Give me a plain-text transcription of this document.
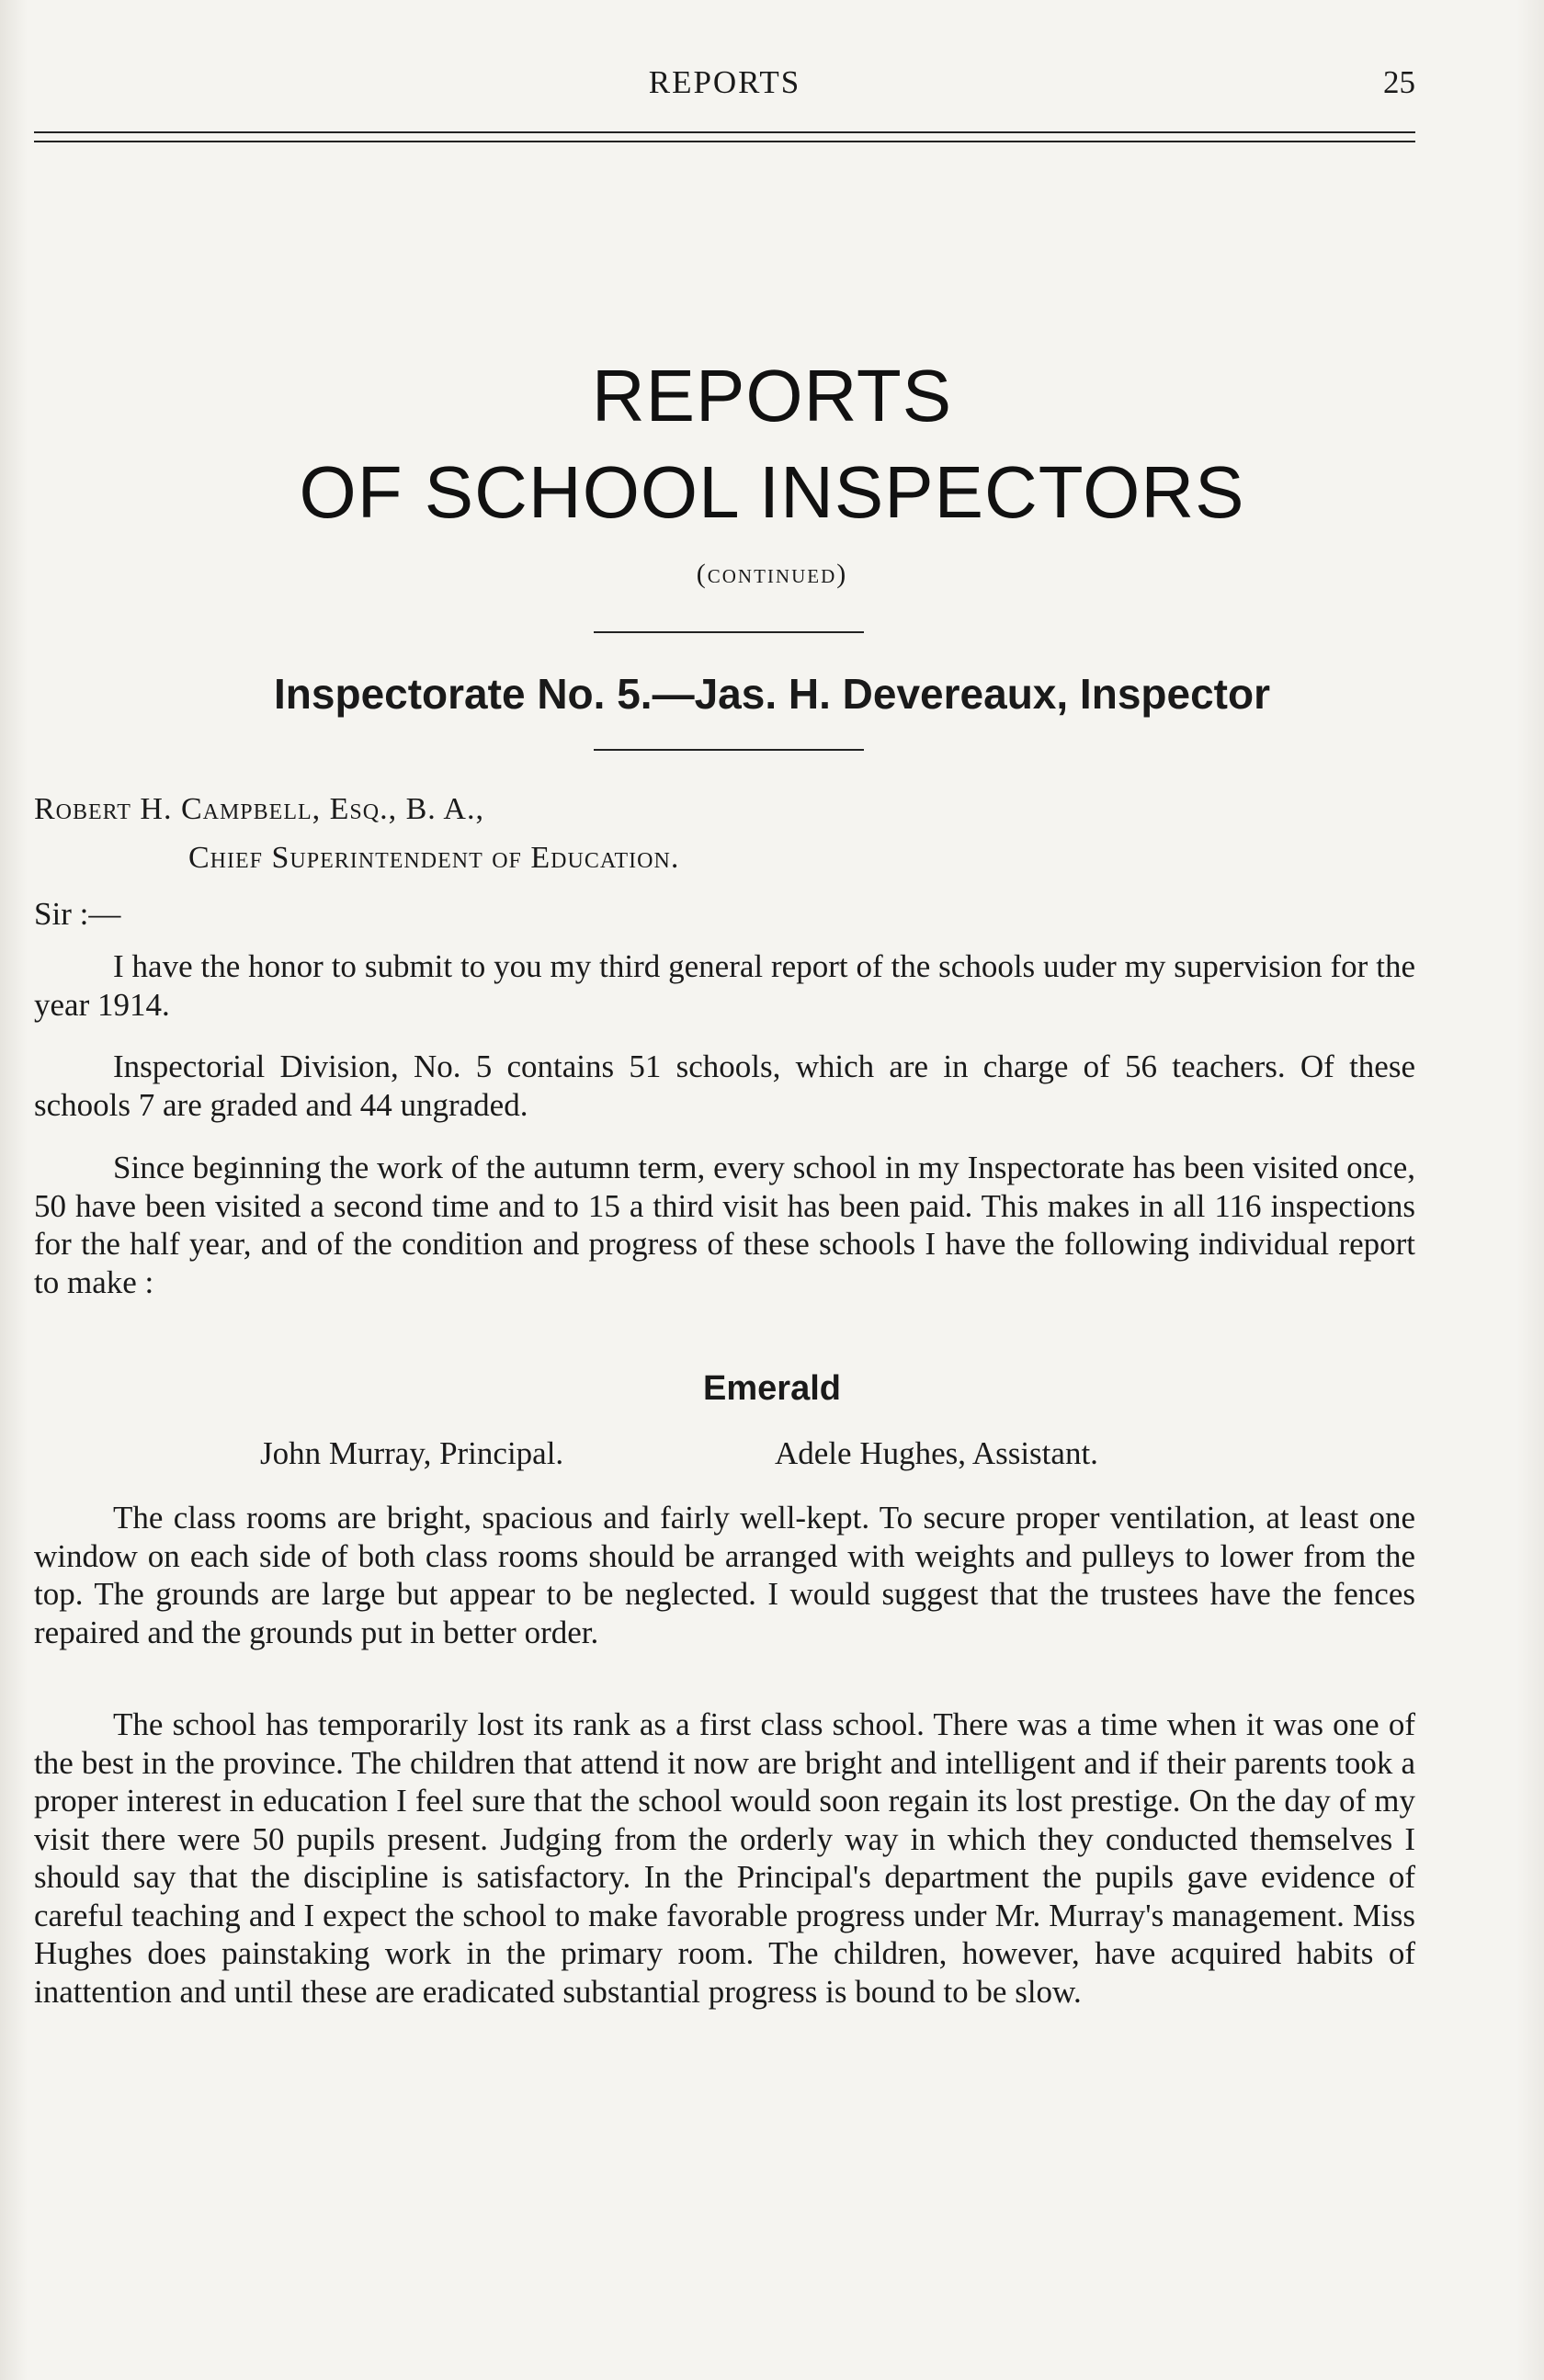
REPORTS	25
REPORTS
OF SCHOOL INSPECTORS
(continued)
Inspectorate No. 5.—Jas. H. Devereaux, Inspector
Robert H. Campbell, Esq., B. A.,
Chief Superintendent of Education.
Sir :—

I have the honor to submit to you my third general report of the schools uuder my supervision for the year 1914.

Inspectorial Division, No. 5 contains 51 schools, which are in charge of 56 teachers. Of these schools 7 are graded and 44 ungraded.

Since beginning the work of the autumn term, every school in my Inspectorate has been visited once, 50 have been visited a second time and to 15 a third visit has been paid. This makes in all 116 inspections for the half year, and of the condition and progress of these schools I have the following individual report to make :

Emerald
John Murray, Principal.	Adele Hughes, Assistant.

The class rooms are bright, spacious and fairly well-kept. To secure proper ventilation, at least one window on each side of both class rooms should be arranged with weights and pulleys to lower from the top. The grounds are large but appear to be neglected. I would suggest that the trustees have the fences repaired and the grounds put in better order.

The school has temporarily lost its rank as a first class school. There was a time when it was one of the best in the province. The children that attend it now are bright and intelligent and if their parents took a proper interest in education I feel sure that the school would soon regain its lost prestige. On the day of my visit there were 50 pupils present. Judging from the orderly way in which they conducted themselves I should say that the discipline is satisfactory. In the Principal's department the pupils gave evidence of careful teaching and I expect the school to make favorable progress under Mr. Murray's management. Miss Hughes does painstaking work in the primary room. The children, however, have acquired habits of inattention and until these are eradicated substantial progress is bound to be slow.
